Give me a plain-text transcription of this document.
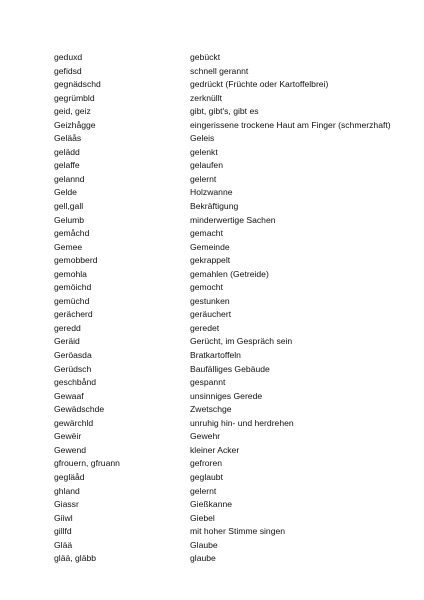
geduxd	gebückt
gefidsd	schnell gerannt
gegnädschd	gedrückt (Früchte oder Kartoffelbrei)
gegrümbld	zerknüllt
geid, geiz	gibt, gibt's, gibt es
Geizhågge	eingerissene trockene Haut am Finger (schmerzhaft)
Geläås	Geleis
gelädd	gelenkt
gelaffe	gelaufen
gelannd	gelernt
Gelde	Holzwanne
gell,gall	Bekräftigung
Gelumb	minderwertige Sachen
gemåchd	gemacht
Gemee	Gemeinde
gemobberd	gekrappelt
gemohla	gemahlen (Getreide)
gemöichd	gemocht
gemüchd	gestunken
gerächerd	geräuchert
geredd	geredet
Geräid	Gerücht, im Gespräch sein
Geröasda	Bratkartoffeln
Gerüdsch	Baufälliges Gebäude
geschbånd	gespannt
Gewaaf	unsinniges Gerede
Gewädschde	Zwetschge
gewärchld	unruhig hin- und herdrehen
Gewëir	Gewehr
Gewend	kleiner Acker
gfrouern, gfruann	gefroren
gegläåd	geglaubt
ghland	gelernt
Giassr	Gießkanne
Giiwl	Giebel
gillfd	mit hoher Stimme singen
Glää	Glaube
glää, gläbb	glaube
